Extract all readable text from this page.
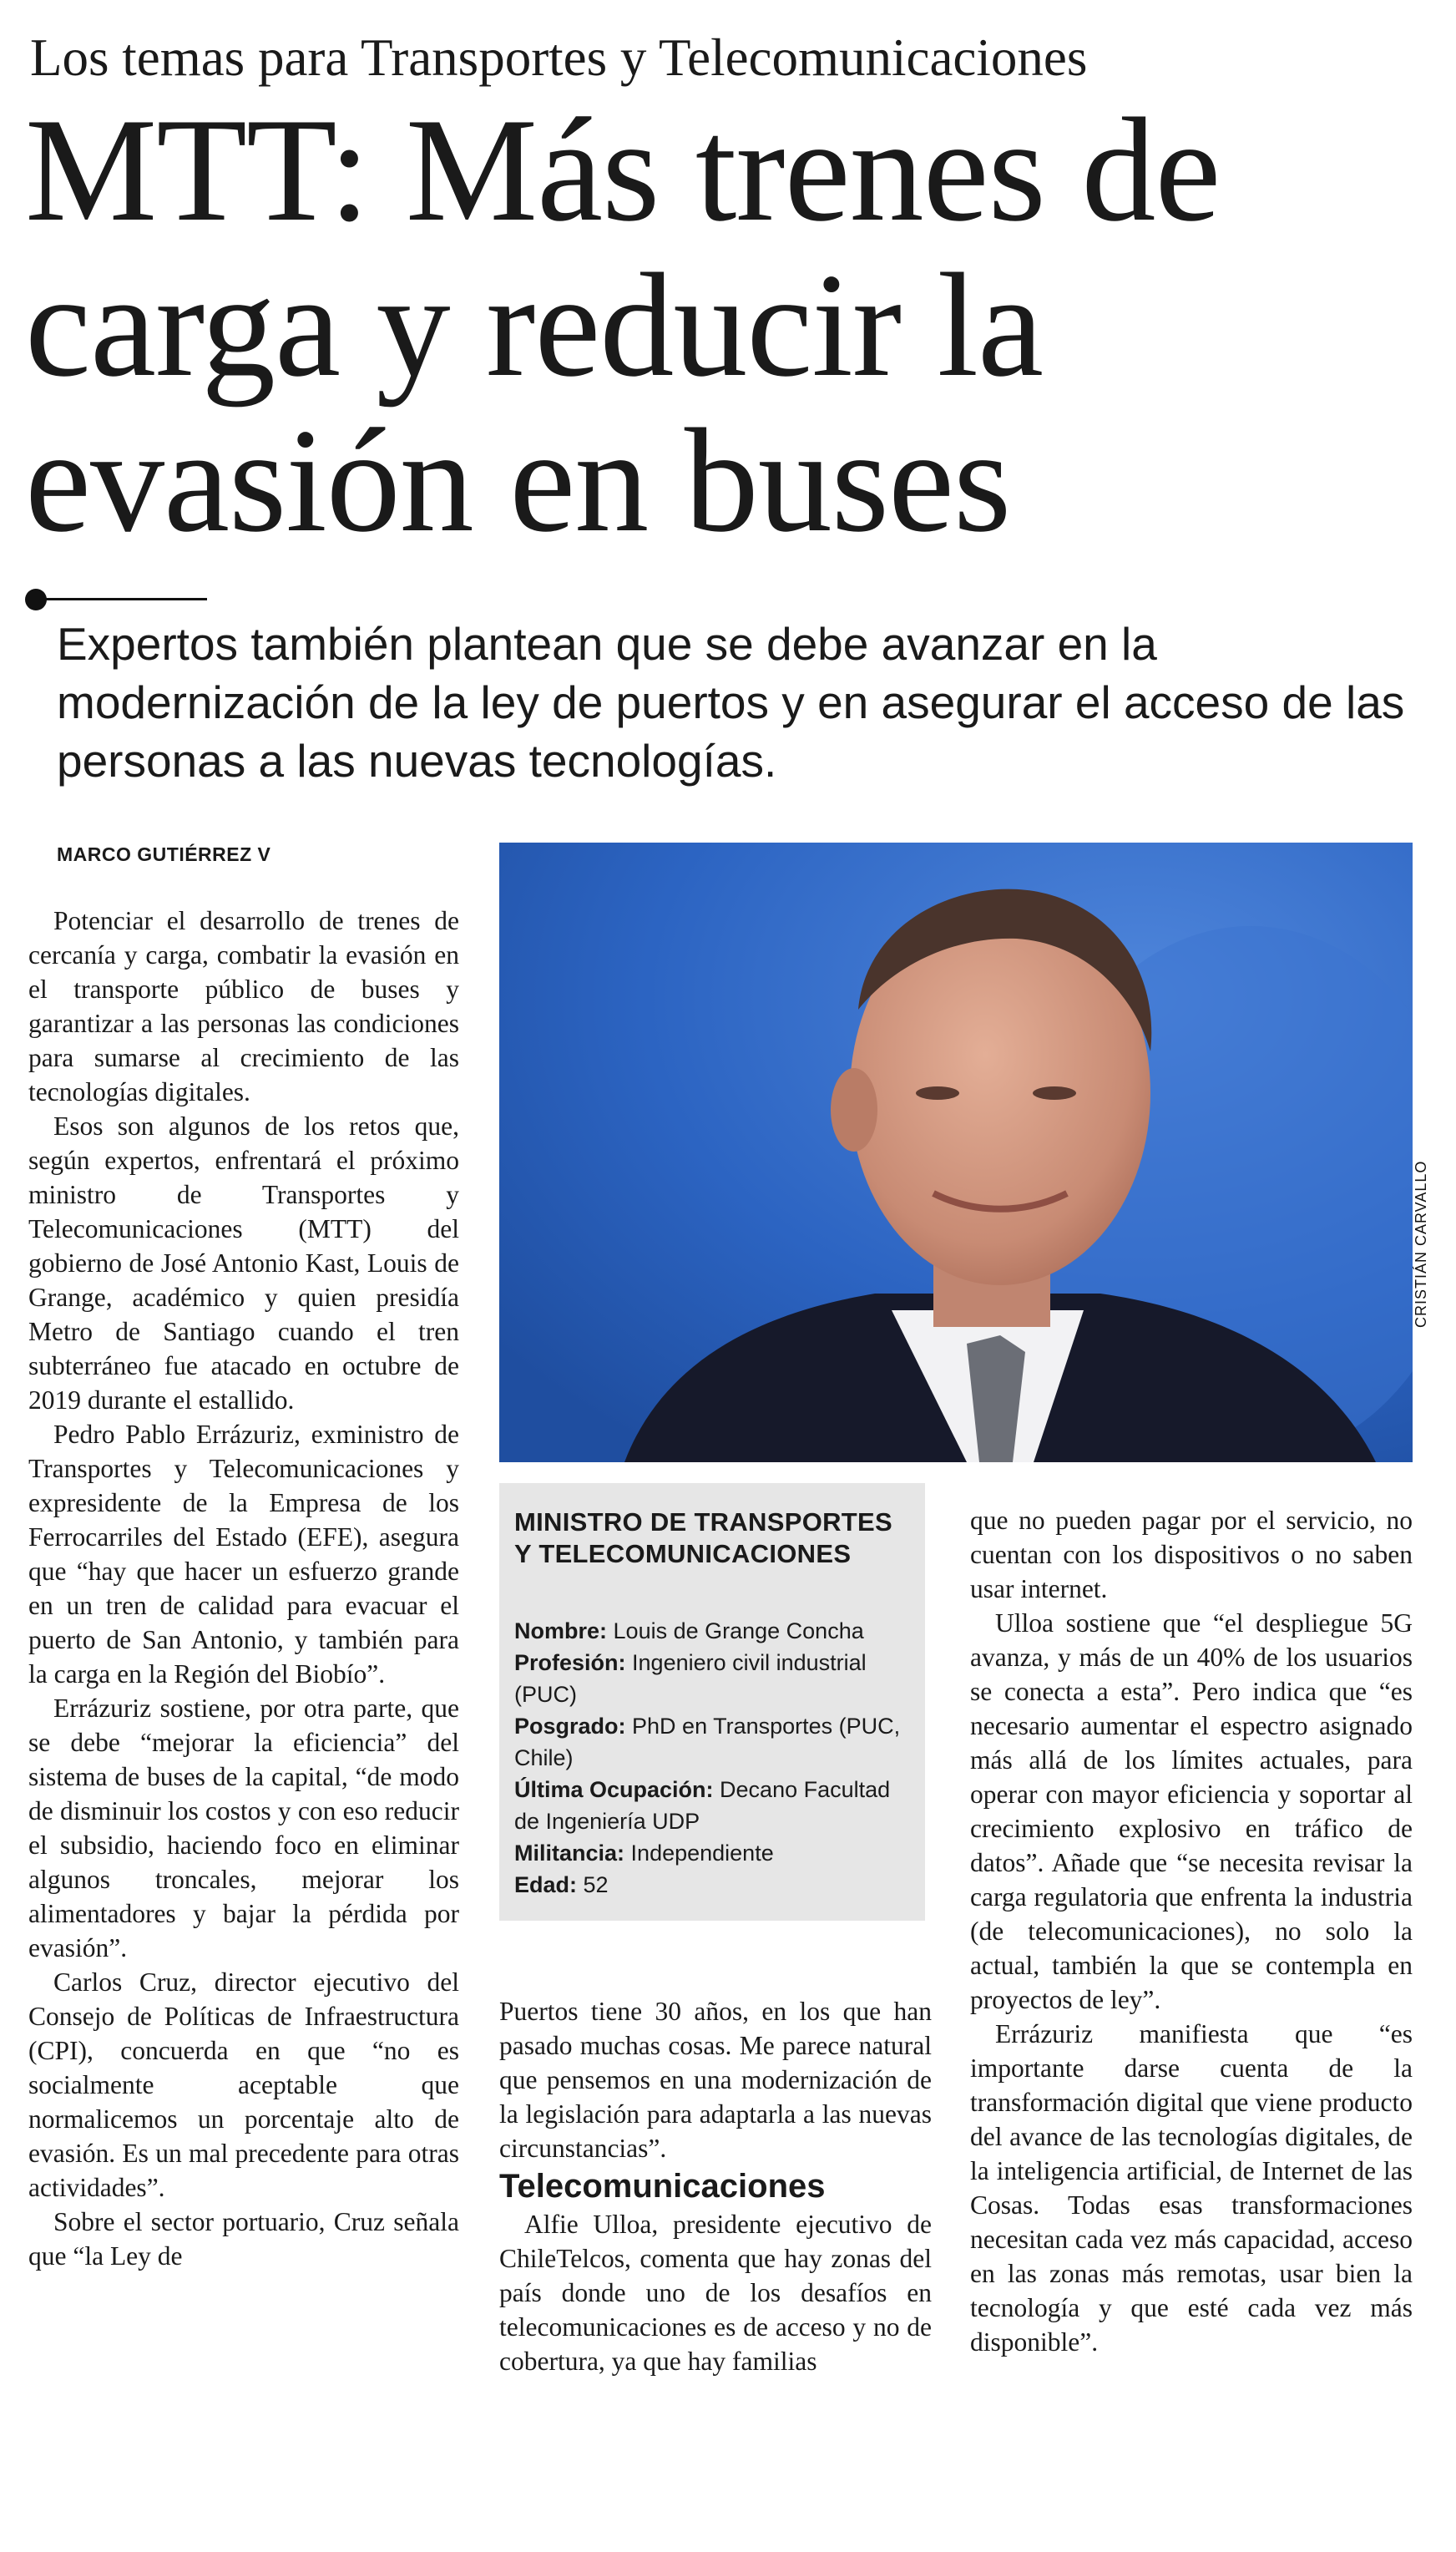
Los temas para Transportes y Telecomunicaciones
MTT: Más trenes de carga y reducir la evasión en buses
Expertos también plantean que se debe avanzar en la modernización de la ley de puertos y en asegurar el acceso de las personas a las nuevas tecnologías.
MARCO GUTIÉRREZ V

Potenciar el desarrollo de trenes de cercanía y carga, combatir la evasión en el transporte público de buses y garantizar a las personas las condiciones para sumarse al crecimiento de las tecnologías digitales.

Esos son algunos de los retos que, según expertos, enfrentará el próximo ministro de Transportes y Telecomunicaciones (MTT) del gobierno de José Antonio Kast, Louis de Grange, académico y quien presidía Metro de Santiago cuando el tren subterráneo fue atacado en octubre de 2019 durante el estallido.

Pedro Pablo Errázuriz, exministro de Transportes y Telecomunicaciones y expresidente de la Empresa de los Ferrocarriles del Estado (EFE), asegura que “hay que hacer un esfuerzo grande en un tren de calidad para evacuar el puerto de San Antonio, y también para la carga en la Región del Biobío”.

Errázuriz sostiene, por otra parte, que se debe “mejorar la eficiencia” del sistema de buses de la capital, “de modo de disminuir los costos y con eso reducir el subsidio, haciendo foco en eliminar algunos troncales, mejorar los alimentadores y bajar la pérdida por evasión”.

Carlos Cruz, director ejecutivo del Consejo de Políticas de Infraestructura (CPI), concuerda en que “no es socialmente aceptable que normalicemos un porcentaje alto de evasión. Es un mal precedente para otras actividades”.

Sobre el sector portuario, Cruz señala que “la Ley de

CRISTIÁN CARVALLO
MINISTRO DE TRANSPORTES Y TELECOMUNICACIONES
Nombre: Louis de Grange Concha
Profesión: Ingeniero civil industrial (PUC)
Posgrado: PhD en Transportes (PUC, Chile)
Última Ocupación: Decano Facultad de Ingeniería UDP
Militancia: Independiente
Edad: 52

Puertos tiene 30 años, en los que han pasado muchas cosas. Me parece natural que pensemos en una modernización de la legislación para adaptarla a las nuevas circunstancias”.

Telecomunicaciones

Alfie Ulloa, presidente ejecutivo de ChileTelcos, comenta que hay zonas del país donde uno de los desafíos en telecomunicaciones es de acceso y no de cobertura, ya que hay familias

que no pueden pagar por el servicio, no cuentan con los dispositivos o no saben usar internet.

Ulloa sostiene que “el despliegue 5G avanza, y más de un 40% de los usuarios se conecta a esta”. Pero indica que “es necesario aumentar el espectro asignado más allá de los límites actuales, para operar con mayor eficiencia y soportar al crecimiento explosivo en tráfico de datos”. Añade que “se necesita revisar la carga regulatoria que enfrenta la industria (de telecomunicaciones), no solo la actual, también la que se contempla en proyectos de ley”.

Errázuriz manifiesta que “es importante darse cuenta de la transformación digital que viene producto del avance de las tecnologías digitales, de la inteligencia artificial, de Internet de las Cosas. Todas esas transformaciones necesitan cada vez más capacidad, acceso en las zonas más remotas, usar bien la tecnología y que esté cada vez más disponible”.
